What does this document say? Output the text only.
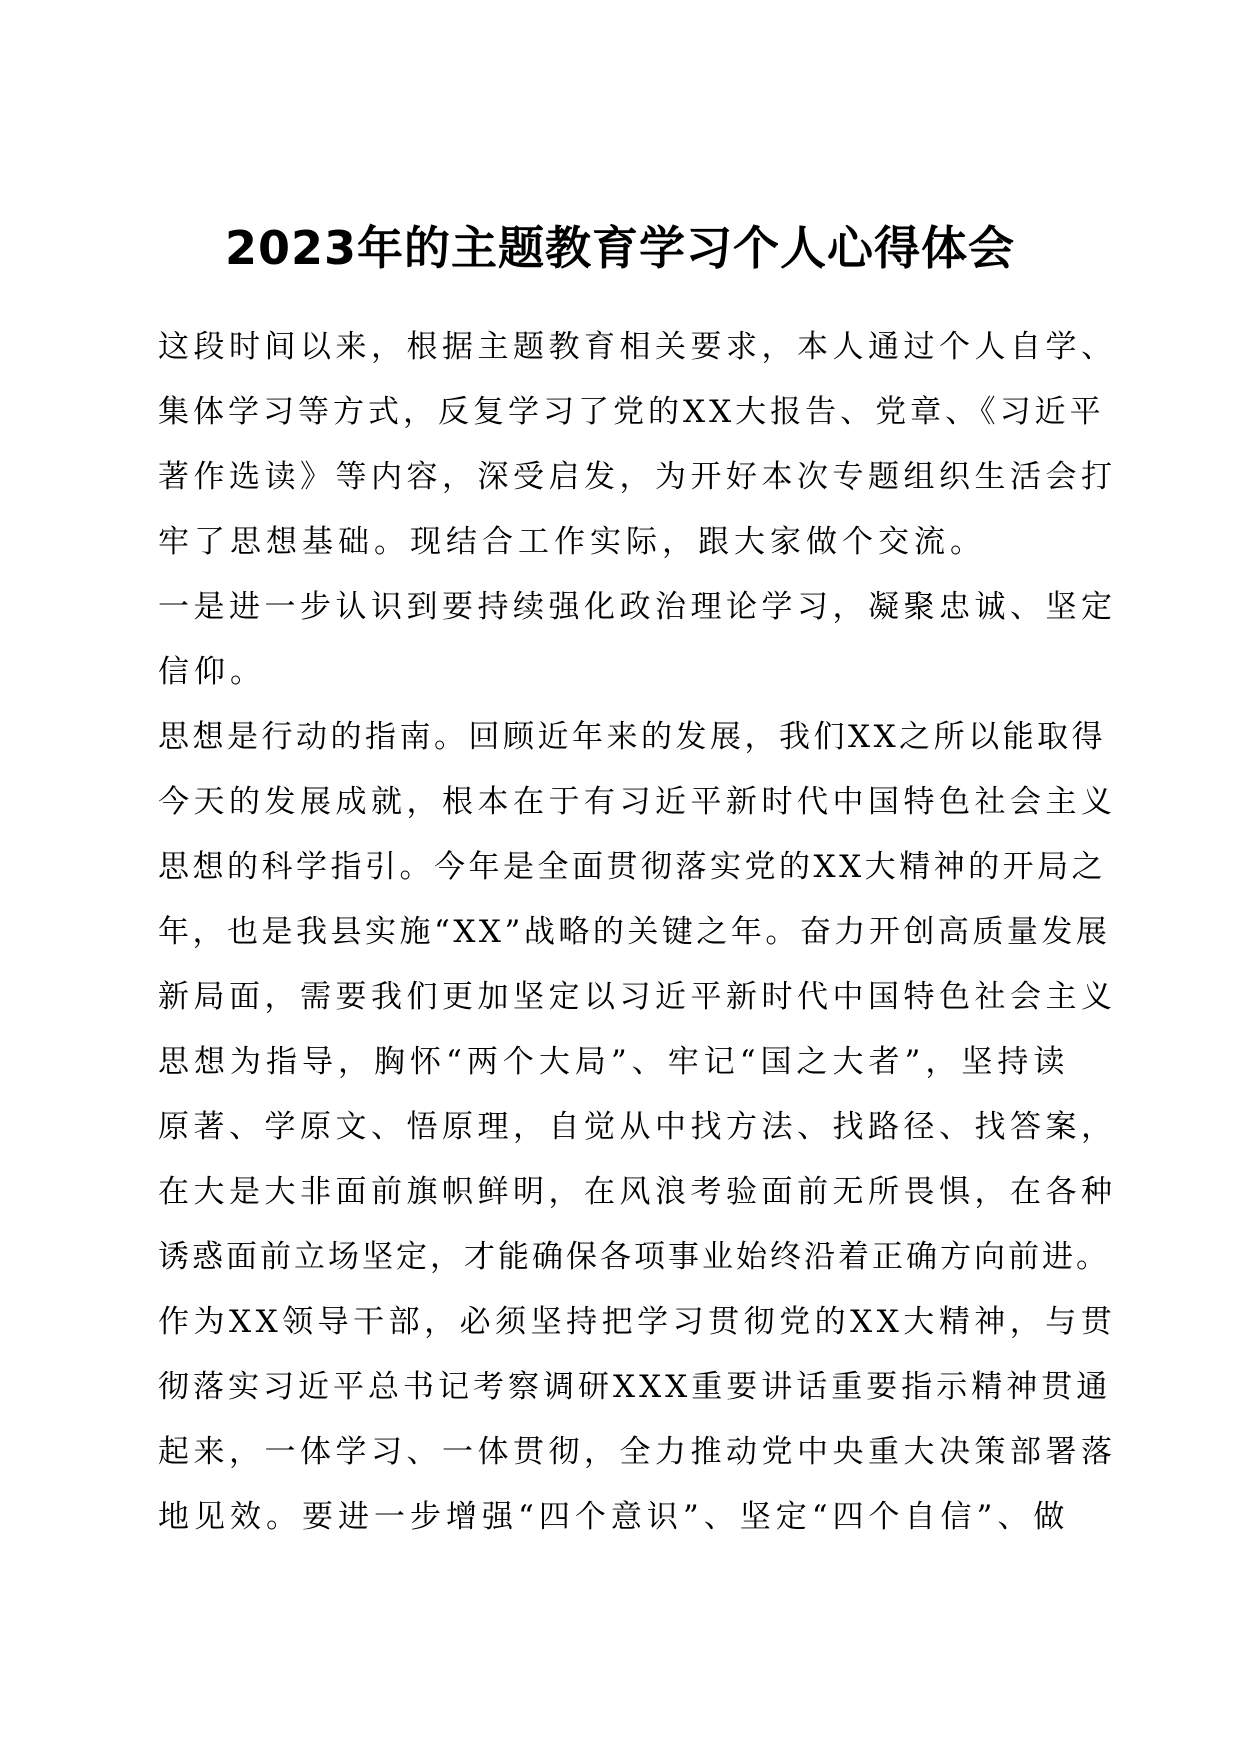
2023年的主题教育学习个人心得体会
这段时间以来，根据主题教育相关要求，本人通过个人自学、
集体学习等方式，反复学习了党的XX大报告、党章、《习近平
著作选读》等内容，深受启发，为开好本次专题组织生活会打
牢了思想基础。现结合工作实际，跟大家做个交流。
一是进一步认识到要持续强化政治理论学习，凝聚忠诚、坚定
信仰。
思想是行动的指南。回顾近年来的发展，我们XX之所以能取得
今天的发展成就，根本在于有习近平新时代中国特色社会主义
思想的科学指引。今年是全面贯彻落实党的XX大精神的开局之
年，也是我县实施“XX”战略的关键之年。奋力开创高质量发展
新局面，需要我们更加坚定以习近平新时代中国特色社会主义
思想为指导，胸怀“两个大局”、牢记“国之大者”，坚持读
原著、学原文、悟原理，自觉从中找方法、找路径、找答案，
在大是大非面前旗帜鲜明，在风浪考验面前无所畏惧，在各种
诱惑面前立场坚定，才能确保各项事业始终沿着正确方向前进。
作为XX领导干部，必须坚持把学习贯彻党的XX大精神，与贯
彻落实习近平总书记考察调研XXX重要讲话重要指示精神贯通
起来，一体学习、一体贯彻，全力推动党中央重大决策部署落
地见效。要进一步增强“四个意识”、坚定“四个自信”、做
